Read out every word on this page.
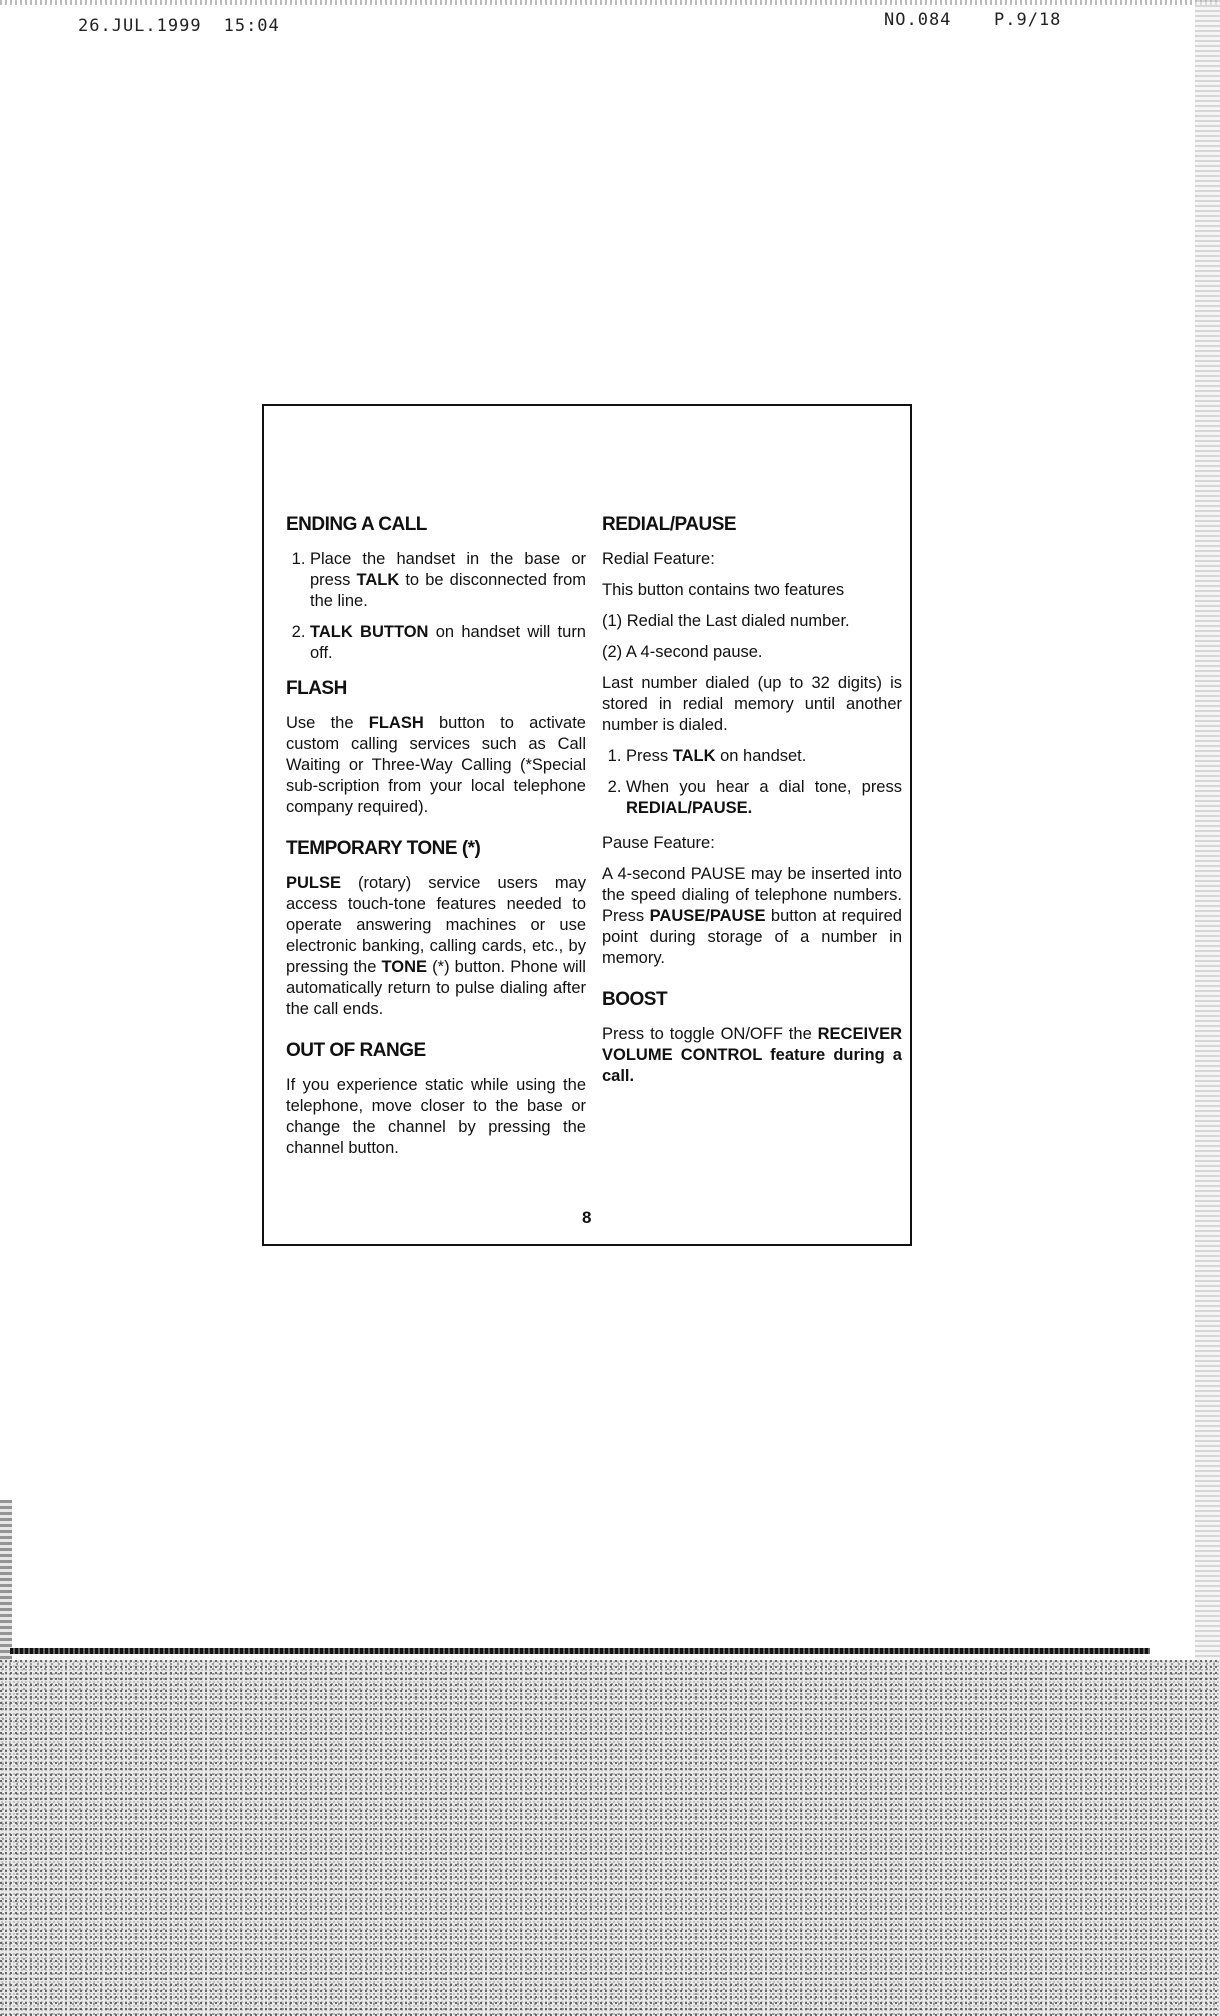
26.JUL.1999 15:04	NO.084	P.9/18
ENDING A CALL
1. Place the handset in the base or press TALK to be disconnected from the line.
2. TALK BUTTON on handset will turn off.
FLASH

Use the FLASH button to activate custom calling services such as Call Waiting or Three-Way Calling (*Special sub-scription from your local telephone company required).

TEMPORARY TONE (*)

PULSE (rotary) service users may access touch-tone features needed to operate answering machines or use electronic banking, calling cards, etc., by pressing the TONE (*) button. Phone will automatically return to pulse dialing after the call ends.

OUT OF RANGE

If you experience static while using the telephone, move closer to the base or change the channel by pressing the channel button.

REDIAL/PAUSE

Redial Feature:

This button contains two features

(1) Redial the Last dialed number.

(2) A 4-second pause.

Last number dialed (up to 32 digits) is stored in redial memory until another number is dialed.

1. Press TALK on handset.
2. When you hear a dial tone, press REDIAL/PAUSE.

Pause Feature:

A 4-second PAUSE may be inserted into the speed dialing of telephone numbers. Press PAUSE/PAUSE button at required point during storage of a number in memory.

BOOST

Press to toggle ON/OFF the RECEIVER VOLUME CONTROL feature during a call.

8
